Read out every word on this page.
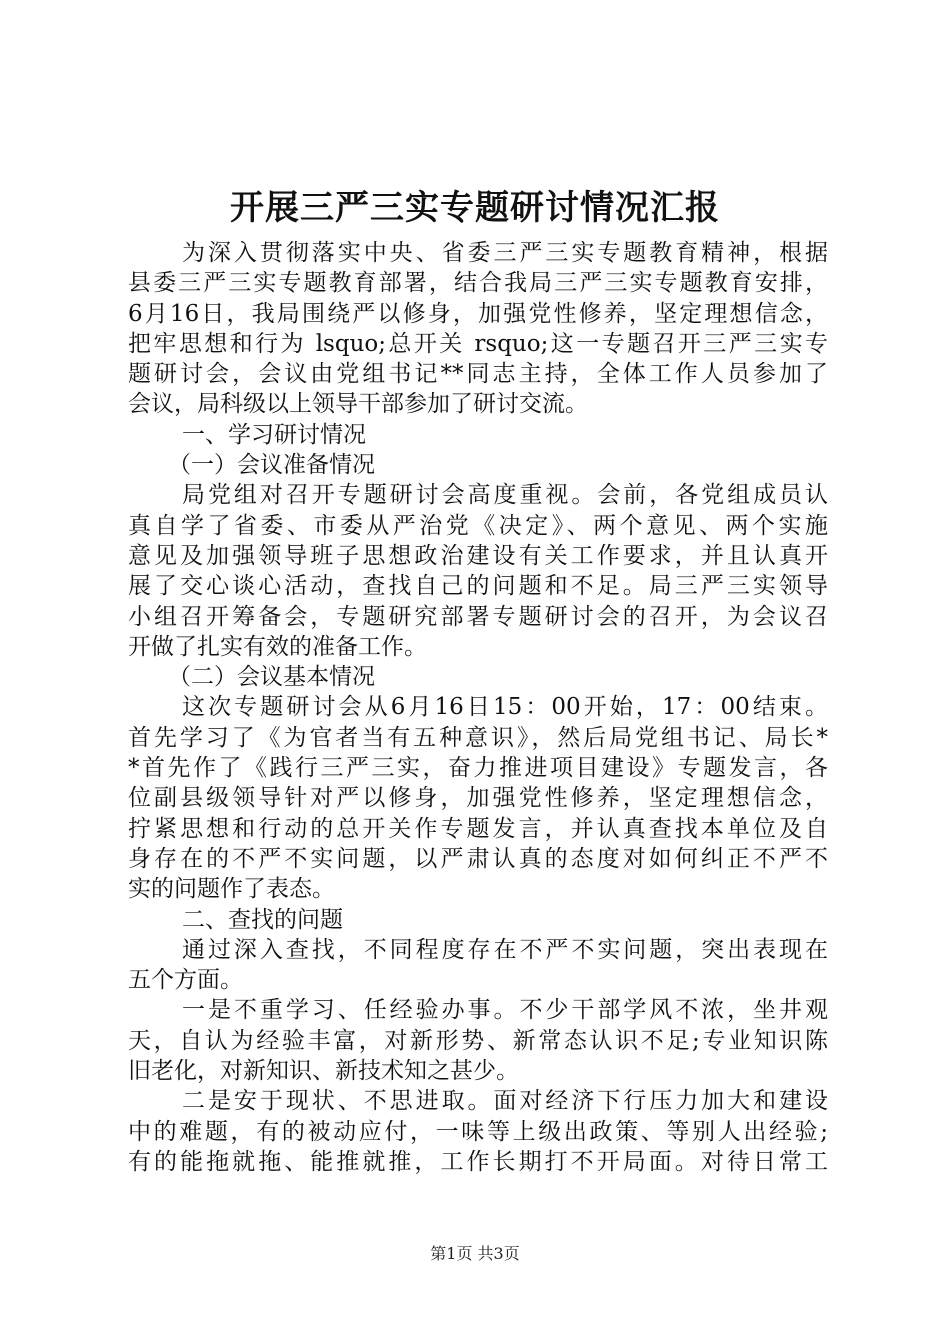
开展三严三实专题研讨情况汇报
为深入贯彻落实中央、省委三严三实专题教育精神，根据
县委三严三实专题教育部署，结合我局三严三实专题教育安排，
6月16日，我局围绕严以修身，加强党性修养，坚定理想信念，
把牢思想和行为 lsquo;总开关 rsquo;这一专题召开三严三实专
题研讨会，会议由党组书记**同志主持，全体工作人员参加了
会议，局科级以上领导干部参加了研讨交流。
一、学习研讨情况
（一）会议准备情况
局党组对召开专题研讨会高度重视。会前，各党组成员认
真自学了省委、市委从严治党《决定》、两个意见、两个实施
意见及加强领导班子思想政治建设有关工作要求，并且认真开
展了交心谈心活动，查找自己的问题和不足。局三严三实领导
小组召开筹备会，专题研究部署专题研讨会的召开，为会议召
开做了扎实有效的准备工作。
（二）会议基本情况
这次专题研讨会从6月16日15：00开始，17：00结束。
首先学习了《为官者当有五种意识》，然后局党组书记、局长*
*首先作了《践行三严三实，奋力推进项目建设》专题发言，各
位副县级领导针对严以修身，加强党性修养，坚定理想信念，
拧紧思想和行动的总开关作专题发言，并认真查找本单位及自
身存在的不严不实问题，以严肃认真的态度对如何纠正不严不
实的问题作了表态。
二、查找的问题
通过深入查找，不同程度存在不严不实问题，突出表现在
五个方面。
一是不重学习、任经验办事。不少干部学风不浓，坐井观
天，自认为经验丰富，对新形势、新常态认识不足;专业知识陈
旧老化，对新知识、新技术知之甚少。
二是安于现状、不思进取。面对经济下行压力加大和建设
中的难题，有的被动应付，一味等上级出政策、等别人出经验;
有的能拖就拖、能推就推，工作长期打不开局面。对待日常工
第1页 共3页
